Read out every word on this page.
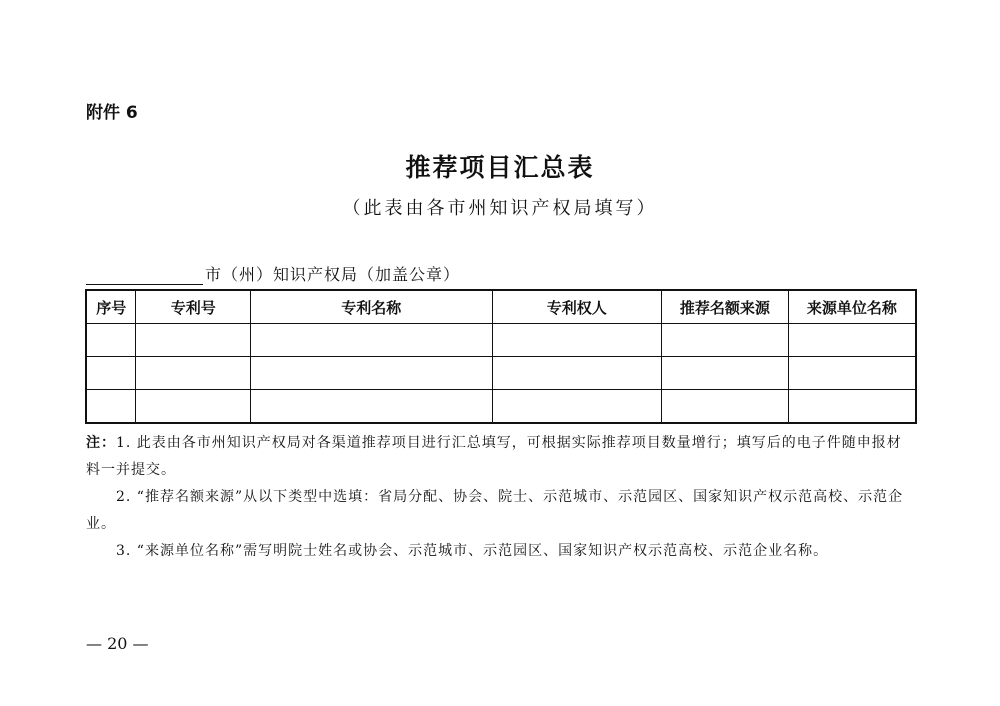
附件 6
推荐项目汇总表
（此表由各市州知识产权局填写）
市（州）知识产权局（加盖公章）
序号	专利号	专利名称	专利权人	推荐名额来源	来源单位名称

注：1. 此表由各市州知识产权局对各渠道推荐项目进行汇总填写，可根据实际推荐项目数量增行；填写后的电子件随申报材料一并提交。

2. “推荐名额来源”从以下类型中选填：省局分配、协会、院士、示范城市、示范园区、国家知识产权示范高校、示范企业。

3. “来源单位名称”需写明院士姓名或协会、示范城市、示范园区、国家知识产权示范高校、示范企业名称。

— 20 —
